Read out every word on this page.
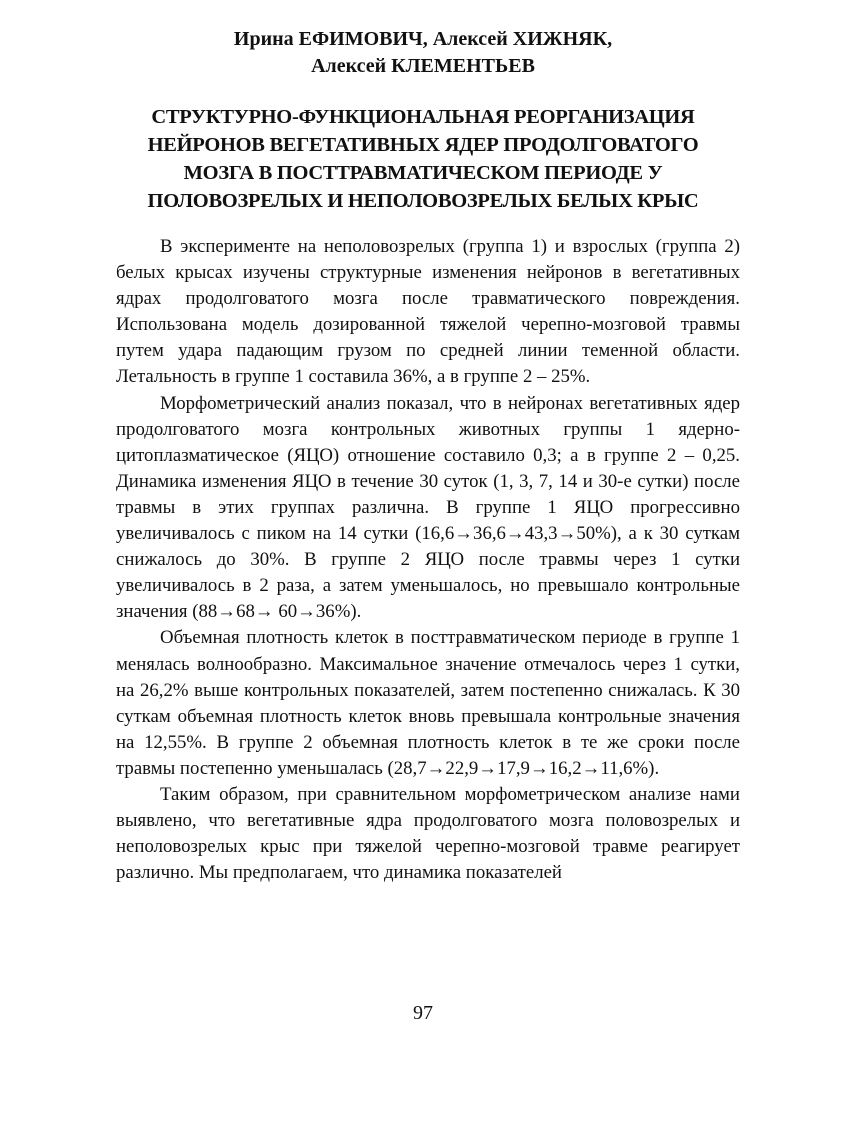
Ирина ЕФИМОВИЧ, Алексей ХИЖНЯК,
Алексей КЛЕМЕНТЬЕВ
СТРУКТУРНО-ФУНКЦИОНАЛЬНАЯ РЕОРГАНИЗАЦИЯ
НЕЙРОНОВ ВЕГЕТАТИВНЫХ ЯДЕР ПРОДОЛГОВАТОГО
МОЗГА В ПОСТТРАВМАТИЧЕСКОМ ПЕРИОДЕ У
ПОЛОВОЗРЕЛЫХ И НЕПОЛОВОЗРЕЛЫХ БЕЛЫХ КРЫС

В эксперименте на неполовозрелых (группа 1) и взрослых (группа 2) белых крысах изучены структурные изменения нейронов в вегетативных ядрах продолговатого мозга после травматического повреждения. Использована модель дозированной тяжелой черепно-мозговой травмы путем удара падающим грузом по средней линии теменной области. Летальность в группе 1 составила 36%, а в группе 2 – 25%.

Морфометрический анализ показал, что в нейронах вегетативных ядер продолговатого мозга контрольных животных группы 1 ядерно-цитоплазматическое (ЯЦО) отношение составило 0,3; а в группе 2 – 0,25. Динамика изменения ЯЦО в течение 30 суток (1, 3, 7, 14 и 30-е сутки) после травмы в этих группах различна. В группе 1 ЯЦО прогрессивно увеличивалось с пиком на 14 сутки (16,6→36,6→43,3→50%), а к 30 суткам снижалось до 30%. В группе 2 ЯЦО после травмы через 1 сутки увеличивалось в 2 раза, а затем уменьшалось, но превышало контрольные значения (88→68→ 60→36%).

Объемная плотность клеток в посттравматическом периоде в группе 1 менялась волнообразно. Максимальное значение отмечалось через 1 сутки, на 26,2% выше контрольных показателей, затем постепенно снижалась. К 30 суткам объемная плотность клеток вновь превышала контрольные значения на 12,55%. В группе 2 объемная плотность клеток в те же сроки после травмы постепенно уменьшалась (28,7→22,9→17,9→16,2→11,6%).

Таким образом, при сравнительном морфометрическом анализе нами выявлено, что вегетативные ядра продолговатого мозга половозрелых и неполовозрелых крыс при тяжелой черепно-мозговой травме реагирует различно. Мы предполагаем, что динамика показателей

97
